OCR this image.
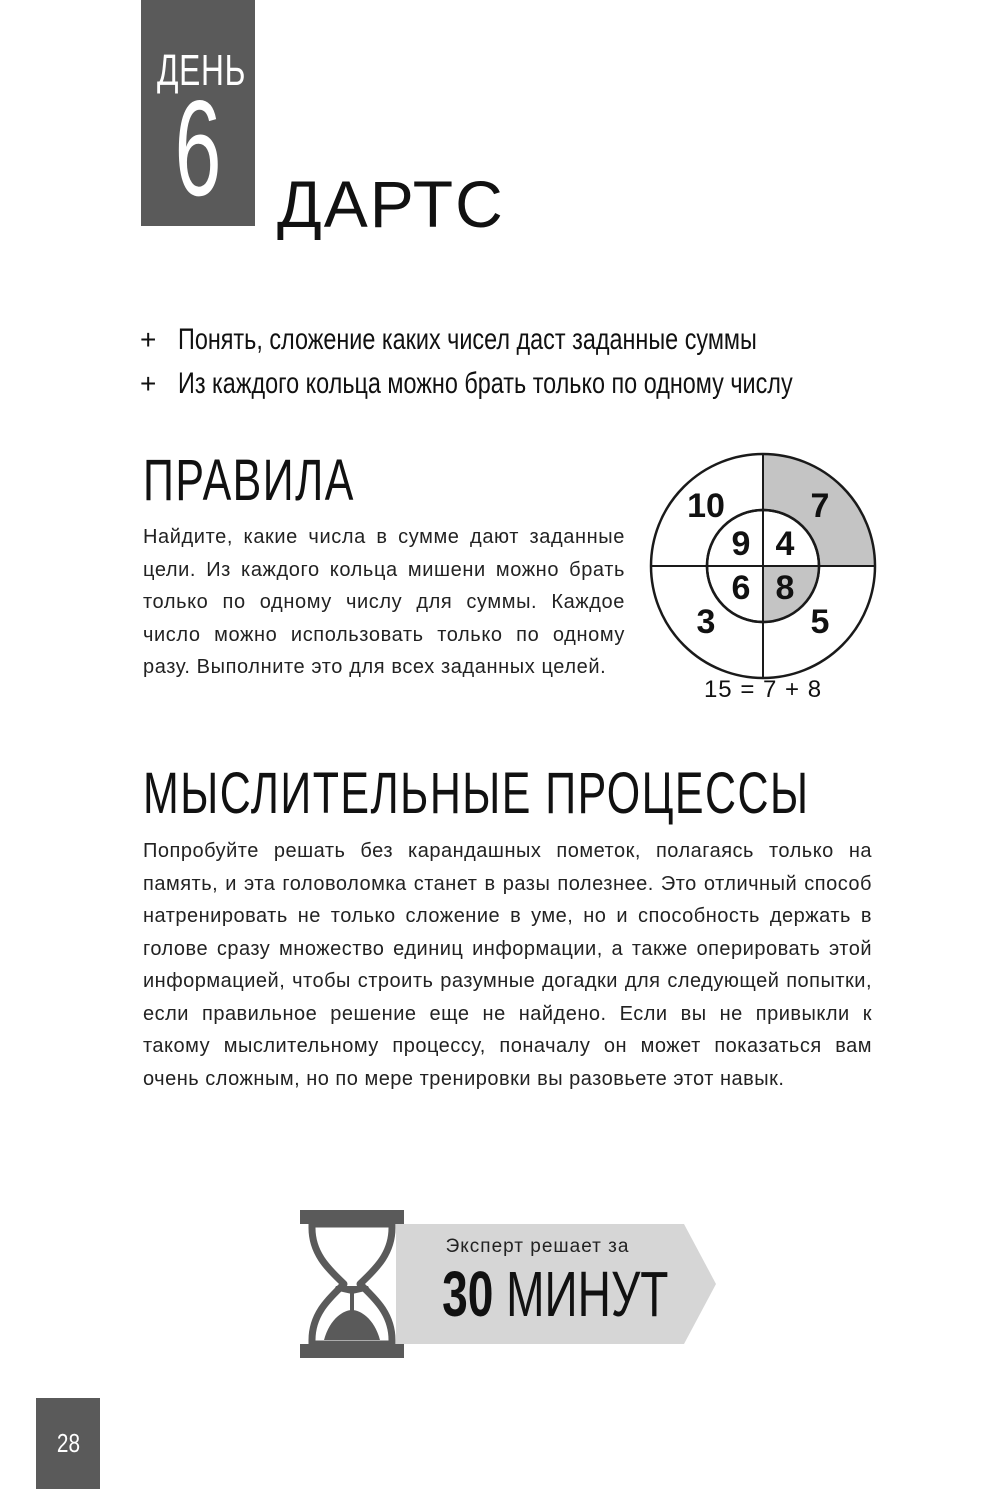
ДЕНЬ
6 ДАРТС
+ Понять, сложение каких чисел даст заданные суммы
+ Из каждого кольца можно брать только по одному числу
ПРАВИЛА
Найдите, какие числа в сумме дают заданные цели. Из каждого кольца мишени можно брать только по одному числу для суммы. Каждое число можно использовать только по одному разу. Выполните это для всех заданных целей.
10	7
3	5
9 4
6 8
15 = 7 + 8
МЫСЛИТЕЛЬНЫЕ ПРОЦЕССЫ
Попробуйте решать без карандашных пометок, полагаясь только на память, и эта головоломка станет в разы полезнее. Это отличный способ натренировать не только сложение в уме, но и способность держать в голове сразу множество единиц информации, а также оперировать этой информацией, чтобы строить разумные догадки для следующей попытки, если правильное решение еще не найдено. Если вы не привыкли к такому мыслительному процессу, поначалу он может показаться вам очень сложным, но по мере тренировки вы разовьете этот навык.
Эксперт решает за
30 МИНУТ
28
